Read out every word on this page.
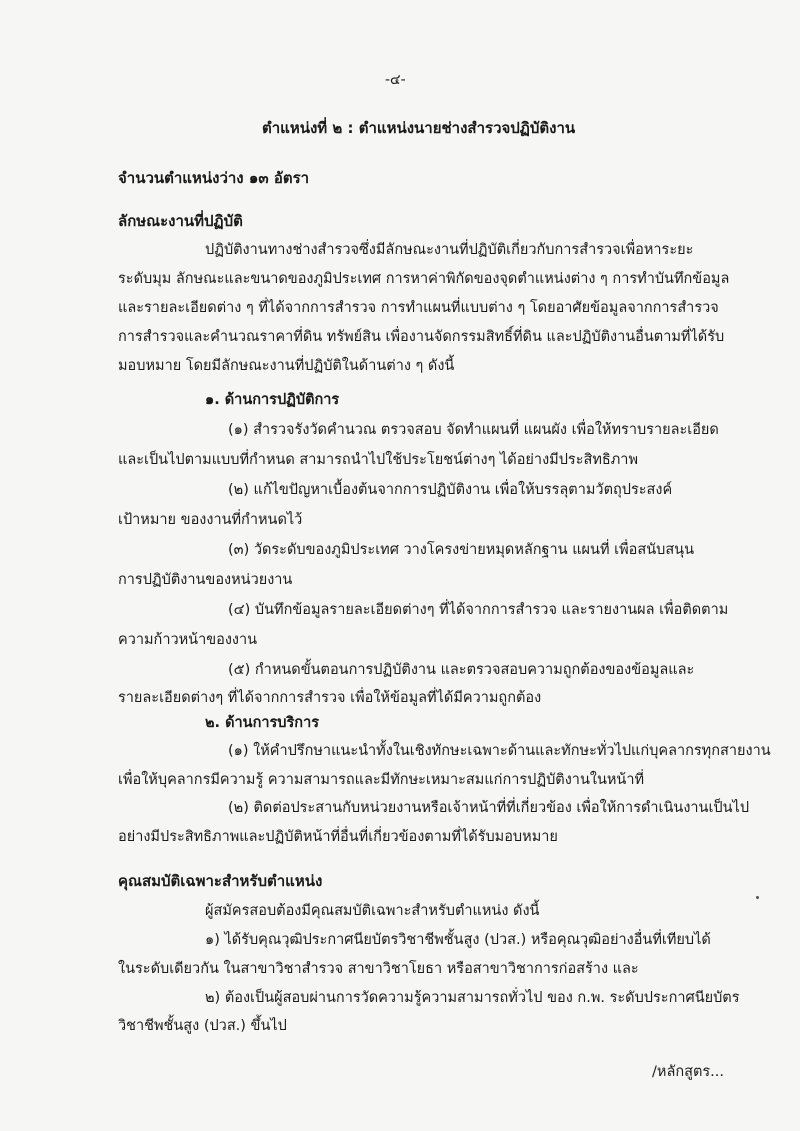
-๔-
ตำแหน่งที่ ๒ : ตำแหน่งนายช่างสำรวจปฏิบัติงาน
จำนวนตำแหน่งว่าง ๑๓ อัตรา
ลักษณะงานที่ปฏิบัติ
ปฏิบัติงานทางช่างสำรวจซึ่งมีลักษณะงานที่ปฏิบัติเกี่ยวกับการสำรวจเพื่อหาระยะ
ระดับมุม ลักษณะและขนาดของภูมิประเทศ การหาค่าพิกัดของจุดตำแหน่งต่าง ๆ การทำบันทึกข้อมูล
และรายละเอียดต่าง ๆ ที่ได้จากการสำรวจ การทำแผนที่แบบต่าง ๆ โดยอาศัยข้อมูลจากการสำรวจ
การสำรวจและคำนวณราคาที่ดิน ทรัพย์สิน เพื่องานจัดกรรมสิทธิ์ที่ดิน และปฏิบัติงานอื่นตามที่ได้รับ
มอบหมาย โดยมีลักษณะงานที่ปฏิบัติในด้านต่าง ๆ ดังนี้
๑. ด้านการปฏิบัติการ
(๑) สำรวจรังวัดคำนวณ ตรวจสอบ จัดทำแผนที่ แผนผัง เพื่อให้ทราบรายละเอียด
และเป็นไปตามแบบที่กำหนด สามารถนำไปใช้ประโยชน์ต่างๆ ได้อย่างมีประสิทธิภาพ
(๒) แก้ไขปัญหาเบื้องต้นจากการปฏิบัติงาน เพื่อให้บรรลุตามวัตถุประสงค์
เป้าหมาย ของงานที่กำหนดไว้
(๓) วัดระดับของภูมิประเทศ วางโครงข่ายหมุดหลักฐาน แผนที่ เพื่อสนับสนุน
การปฏิบัติงานของหน่วยงาน
(๔) บันทึกข้อมูลรายละเอียดต่างๆ ที่ได้จากการสำรวจ และรายงานผล เพื่อติดตาม
ความก้าวหน้าของงาน
(๕) กำหนดขั้นตอนการปฏิบัติงาน และตรวจสอบความถูกต้องของข้อมูลและ
รายละเอียดต่างๆ ที่ได้จากการสำรวจ เพื่อให้ข้อมูลที่ได้มีความถูกต้อง
๒. ด้านการบริการ
(๑) ให้คำปรึกษาแนะนำทั้งในเชิงทักษะเฉพาะด้านและทักษะทั่วไปแก่บุคลากรทุกสายงาน
เพื่อให้บุคลากรมีความรู้ ความสามารถและมีทักษะเหมาะสมแก่การปฏิบัติงานในหน้าที่
(๒) ติดต่อประสานกับหน่วยงานหรือเจ้าหน้าที่ที่เกี่ยวข้อง เพื่อให้การดำเนินงานเป็นไป
อย่างมีประสิทธิภาพและปฏิบัติหน้าที่อื่นที่เกี่ยวข้องตามที่ได้รับมอบหมาย
คุณสมบัติเฉพาะสำหรับตำแหน่ง
ผู้สมัครสอบต้องมีคุณสมบัติเฉพาะสำหรับตำแหน่ง ดังนี้
๑) ได้รับคุณวุฒิประกาศนียบัตรวิชาชีพชั้นสูง (ปวส.) หรือคุณวุฒิอย่างอื่นที่เทียบได้
ในระดับเดียวกัน ในสาขาวิชาสำรวจ สาขาวิชาโยธา หรือสาขาวิชาการก่อสร้าง และ
๒) ต้องเป็นผู้สอบผ่านการวัดความรู้ความสามารถทั่วไป ของ ก.พ. ระดับประกาศนียบัตร
วิชาชีพชั้นสูง (ปวส.) ขึ้นไป
/หลักสูตร...
